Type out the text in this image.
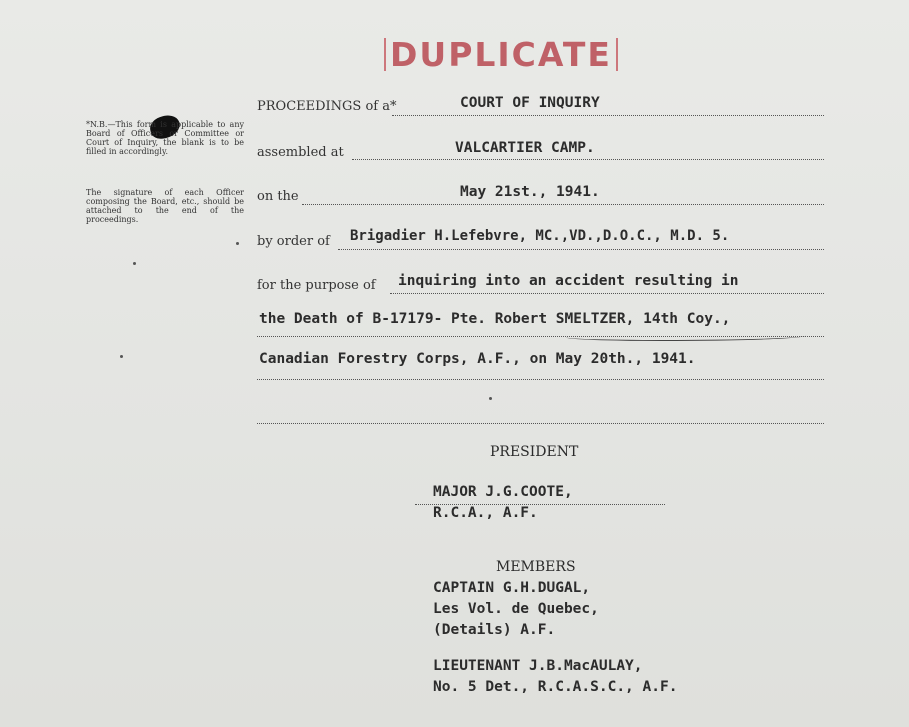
DUPLICATE
*N.B.—This form is applicable to any Board of Officers or Committee or Court of Inquiry, the blank is to be filled in accordingly.
The signature of each Officer composing the Board, etc., should be attached to the end of the proceedings.
PROCEEDINGS of a*	COURT OF INQUIRY
assembled at	VALCARTIER CAMP.
on the	May 21st., 1941.
by order of Brigadier H.Lefebvre, MC.,VD.,D.O.C., M.D. 5.
for the purpose of inquiring into an accident resulting in
the Death of B-17179- Pte. Robert SMELTZER, 14th Coy.,
Canadian Forestry Corps, A.F., on May 20th., 1941.
PRESIDENT
MAJOR J.G.COOTE,
R.C.A., A.F.
MEMBERS
CAPTAIN G.H.DUGAL,
Les Vol. de Quebec,
(Details) A.F.
LIEUTENANT J.B.MacAULAY,
No. 5 Det., R.C.A.S.C., A.F.
